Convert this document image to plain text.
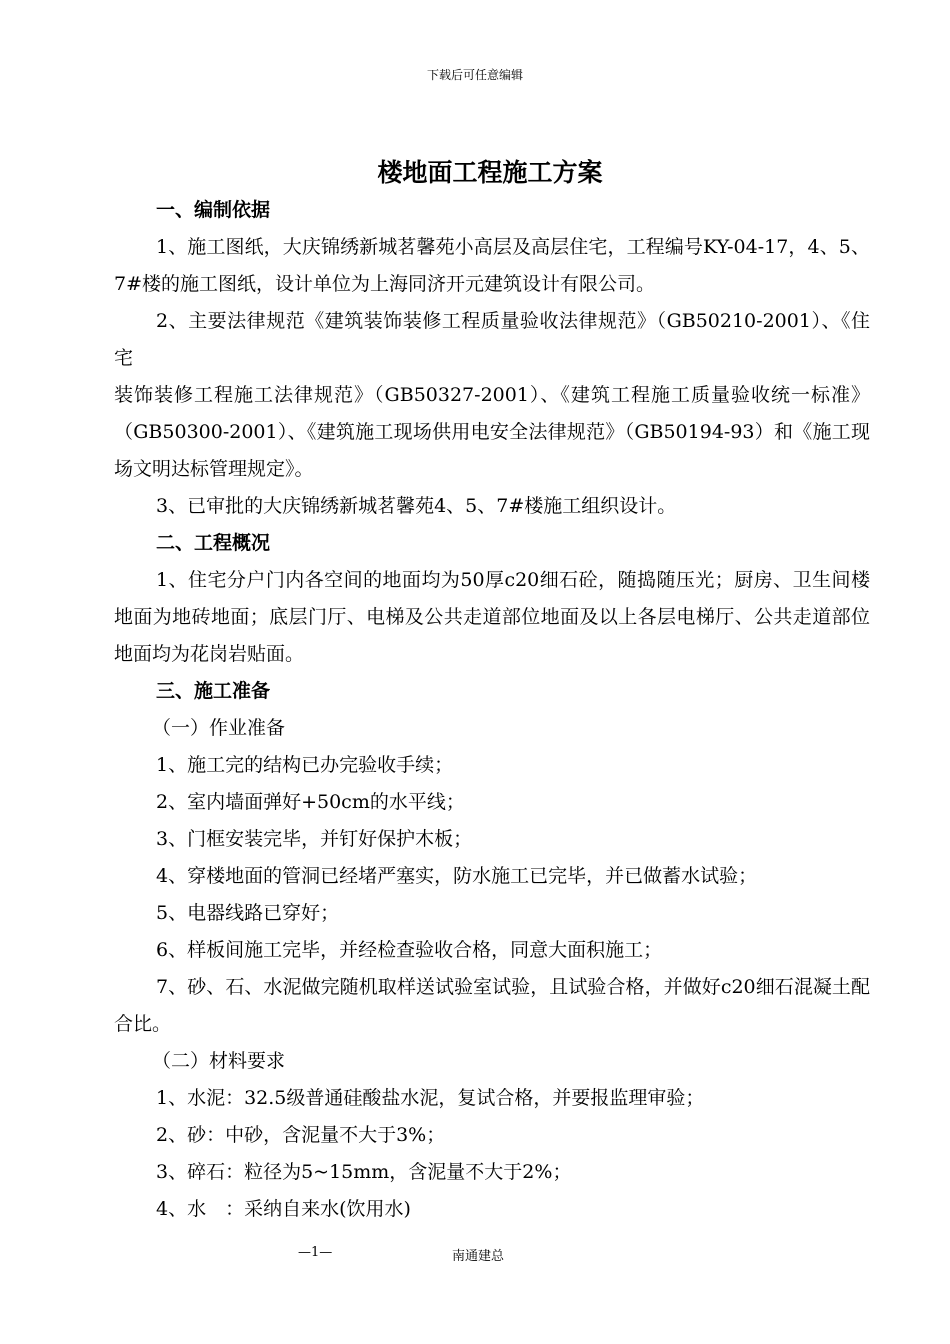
下载后可任意编辑
楼地面工程施工方案

一、编制依据

1、施工图纸，大庆锦绣新城茗馨苑小高层及高层住宅，工程编号KY-04-17，4、5、7#楼的施工图纸，设计单位为上海同济开元建筑设计有限公司。

2、主要法律规范《建筑装饰装修工程质量验收法律规范》（GB50210-2001）、《住宅

装饰装修工程施工法律规范》（GB50327-2001）、《建筑工程施工质量验收统一标准》（GB50300-2001）、《建筑施工现场供用电安全法律规范》（GB50194-93）和《施工现场文明达标管理规定》。

3、已审批的大庆锦绣新城茗馨苑4、5、7#楼施工组织设计。

二、工程概况

1、住宅分户门内各空间的地面均为50厚c20细石砼，随捣随压光；厨房、卫生间楼地面为地砖地面；底层门厅、电梯及公共走道部位地面及以上各层电梯厅、公共走道部位地面均为花岗岩贴面。

三、施工准备

（一）作业准备

1、施工完的结构已办完验收手续；

2、室内墙面弹好+50cm的水平线；

3、门框安装完毕，并钉好保护木板；

4、穿楼地面的管洞已经堵严塞实，防水施工已完毕，并已做蓄水试验；

5、电器线路已穿好；

6、样板间施工完毕，并经检查验收合格，同意大面积施工；

7、砂、石、水泥做完随机取样送试验室试验，且试验合格，并做好c20细石混凝土配合比。

（二）材料要求

1、水泥：32.5级普通硅酸盐水泥，复试合格，并要报监理审验；

2、砂：中砂，含泥量不大于3%；

3、碎石：粒径为5~15mm，含泥量不大于2%；

4、水　：采纳自来水(饮用水)

—1—	南通建总
